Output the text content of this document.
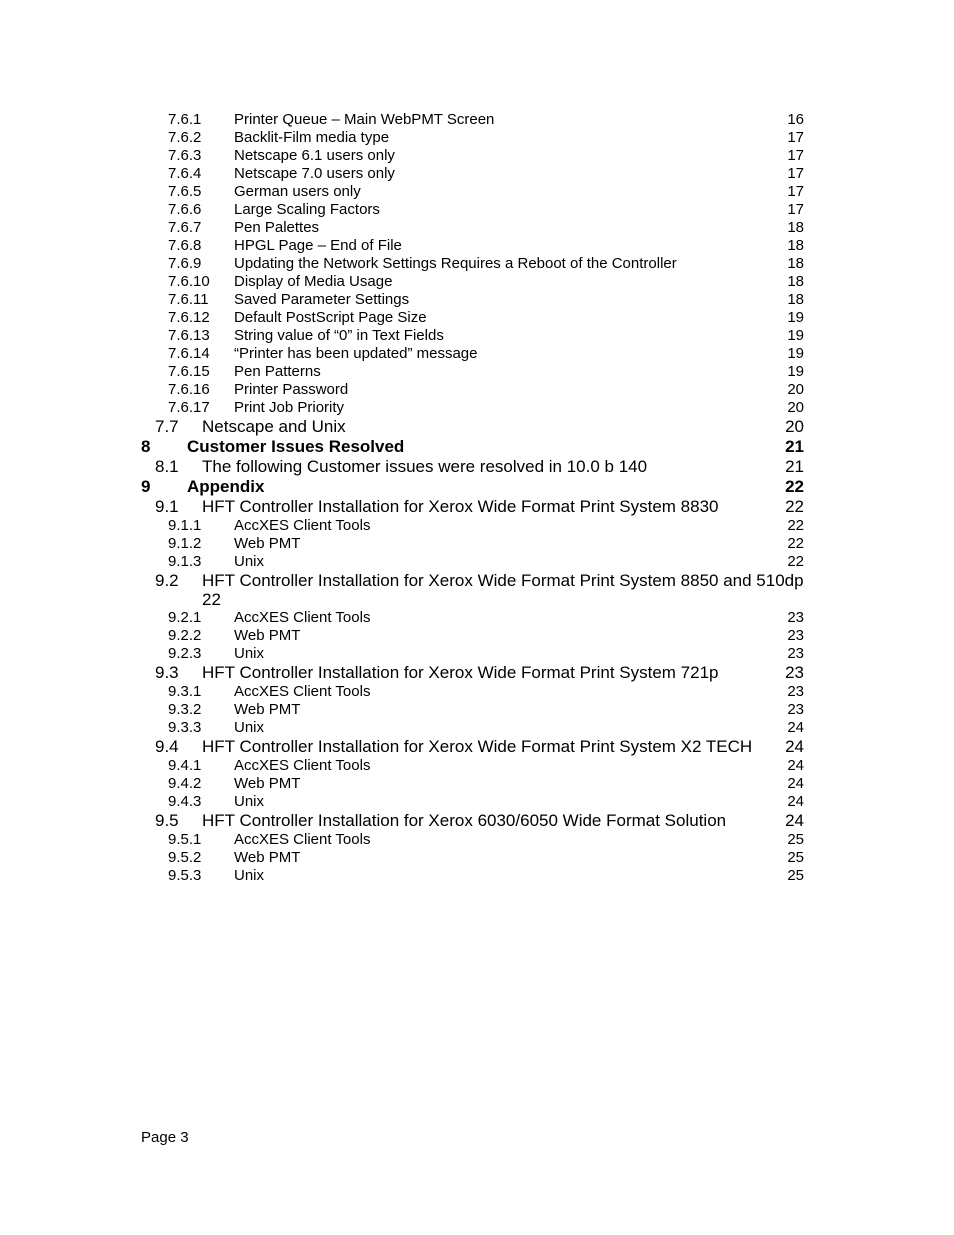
7.6.1 Printer Queue – Main WebPMT Screen	16
7.6.2 Backlit-Film media type	17
7.6.3 Netscape 6.1 users only	17
7.6.4 Netscape 7.0 users only	17
7.6.5 German users only	17
7.6.6 Large Scaling Factors	17
7.6.7 Pen Palettes	18
7.6.8 HPGL Page – End of File	18
7.6.9 Updating the Network Settings Requires a Reboot of the Controller	18
7.6.10 Display of Media Usage	18
7.6.11 Saved Parameter Settings	18
7.6.12 Default PostScript Page Size	19
7.6.13 String value of “0” in Text Fields	19
7.6.14 “Printer has been updated” message	19
7.6.15 Pen Patterns	19
7.6.16 Printer Password	20
7.6.17 Print Job Priority	20
7.7 Netscape and Unix	20
8 Customer Issues Resolved	21
8.1 The following Customer issues were resolved in 10.0 b 140	21
9 Appendix	22
9.1 HFT Controller Installation for Xerox Wide Format Print System 8830	22
9.1.1 AccXES Client Tools	22
9.1.2 Web PMT	22
9.1.3 Unix	22
9.2 HFT Controller Installation for Xerox Wide Format Print System 8850 and 510dp
22
9.2.1 AccXES Client Tools	23
9.2.2 Web PMT	23
9.2.3 Unix	23
9.3 HFT Controller Installation for Xerox Wide Format Print System 721p	23
9.3.1 AccXES Client Tools	23
9.3.2 Web PMT	23
9.3.3 Unix	24
9.4 HFT Controller Installation for Xerox Wide Format Print System X2 TECH 24
9.4.1 AccXES Client Tools	24
9.4.2 Web PMT	24
9.4.3 Unix	24
9.5 HFT Controller Installation for Xerox 6030/6050 Wide Format Solution	24
9.5.1 AccXES Client Tools	25
9.5.2 Web PMT	25
9.5.3 Unix	25
Page 3
